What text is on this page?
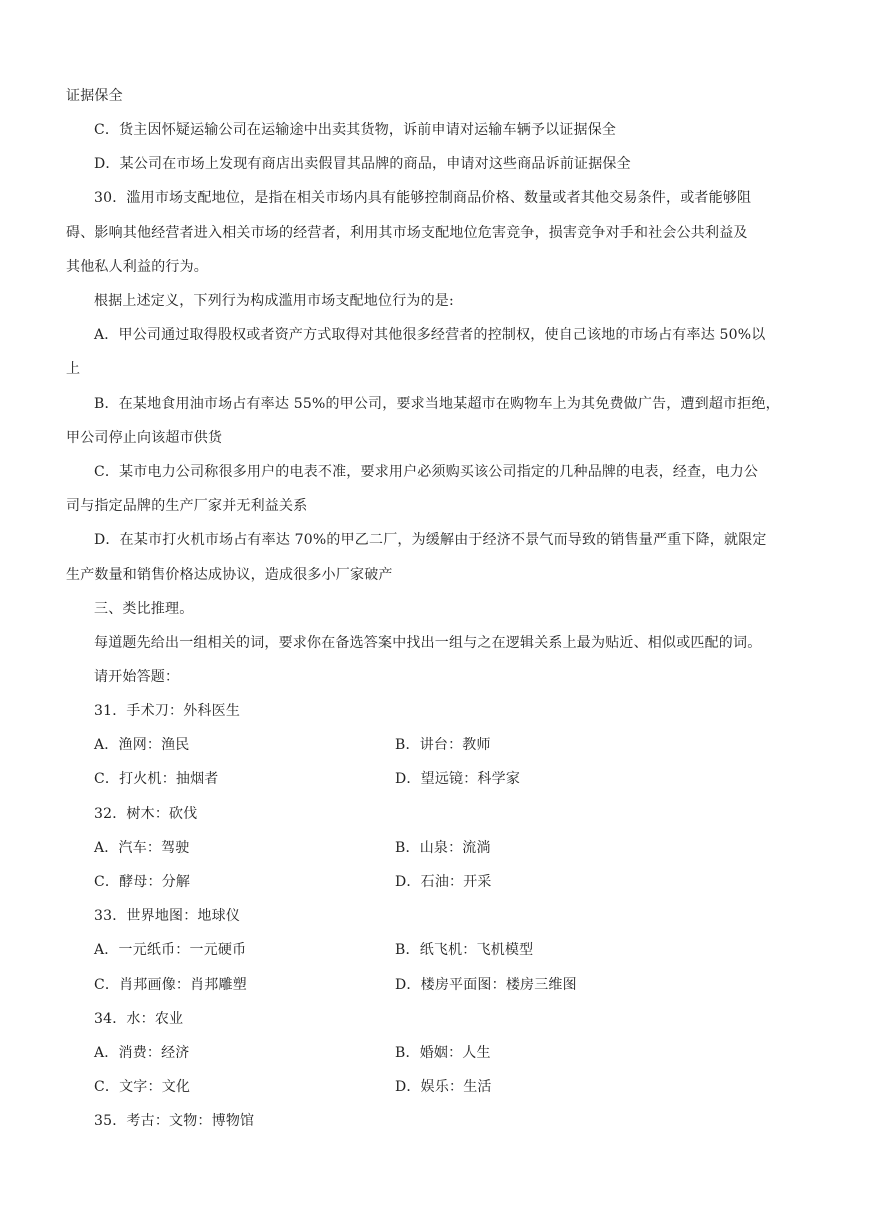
证据保全
C．货主因怀疑运输公司在运输途中出卖其货物，诉前申请对运输车辆予以证据保全
D．某公司在市场上发现有商店出卖假冒其品牌的商品，申请对这些商品诉前证据保全
30．滥用市场支配地位，是指在相关市场内具有能够控制商品价格、数量或者其他交易条件，或者能够阻
碍、影响其他经营者进入相关市场的经营者，利用其市场支配地位危害竞争，损害竞争对手和社会公共利益及
其他私人利益的行为。
根据上述定义，下列行为构成滥用市场支配地位行为的是:
A．甲公司通过取得股权或者资产方式取得对其他很多经营者的控制权，使自己该地的市场占有率达 50%以
上
B．在某地食用油市场占有率达 55%的甲公司，要求当地某超市在购物车上为其免费做广告，遭到超市拒绝，
甲公司停止向该超市供货
C．某市电力公司称很多用户的电表不准，要求用户必须购买该公司指定的几种品牌的电表，经查，电力公
司与指定品牌的生产厂家并无利益关系
D．在某市打火机市场占有率达 70%的甲乙二厂，为缓解由于经济不景气而导致的销售量严重下降，就限定
生产数量和销售价格达成协议，造成很多小厂家破产
三、类比推理。
每道题先给出一组相关的词，要求你在备选答案中找出一组与之在逻辑关系上最为贴近、相似或匹配的词。
请开始答题：
31．手术刀：外科医生
A．渔网：渔民	B．讲台：教师
C．打火机：抽烟者	D．望远镜：科学家
32．树木：砍伐
A．汽车：驾驶	B．山泉：流淌
C．酵母：分解	D．石油：开采
33．世界地图：地球仪
A．一元纸币：一元硬币	B．纸飞机：飞机模型
C．肖邦画像：肖邦雕塑	D．楼房平面图：楼房三维图
34．水：农业
A．消费：经济	B．婚姻：人生
C．文字：文化	D．娱乐：生活
35．考古：文物：博物馆
